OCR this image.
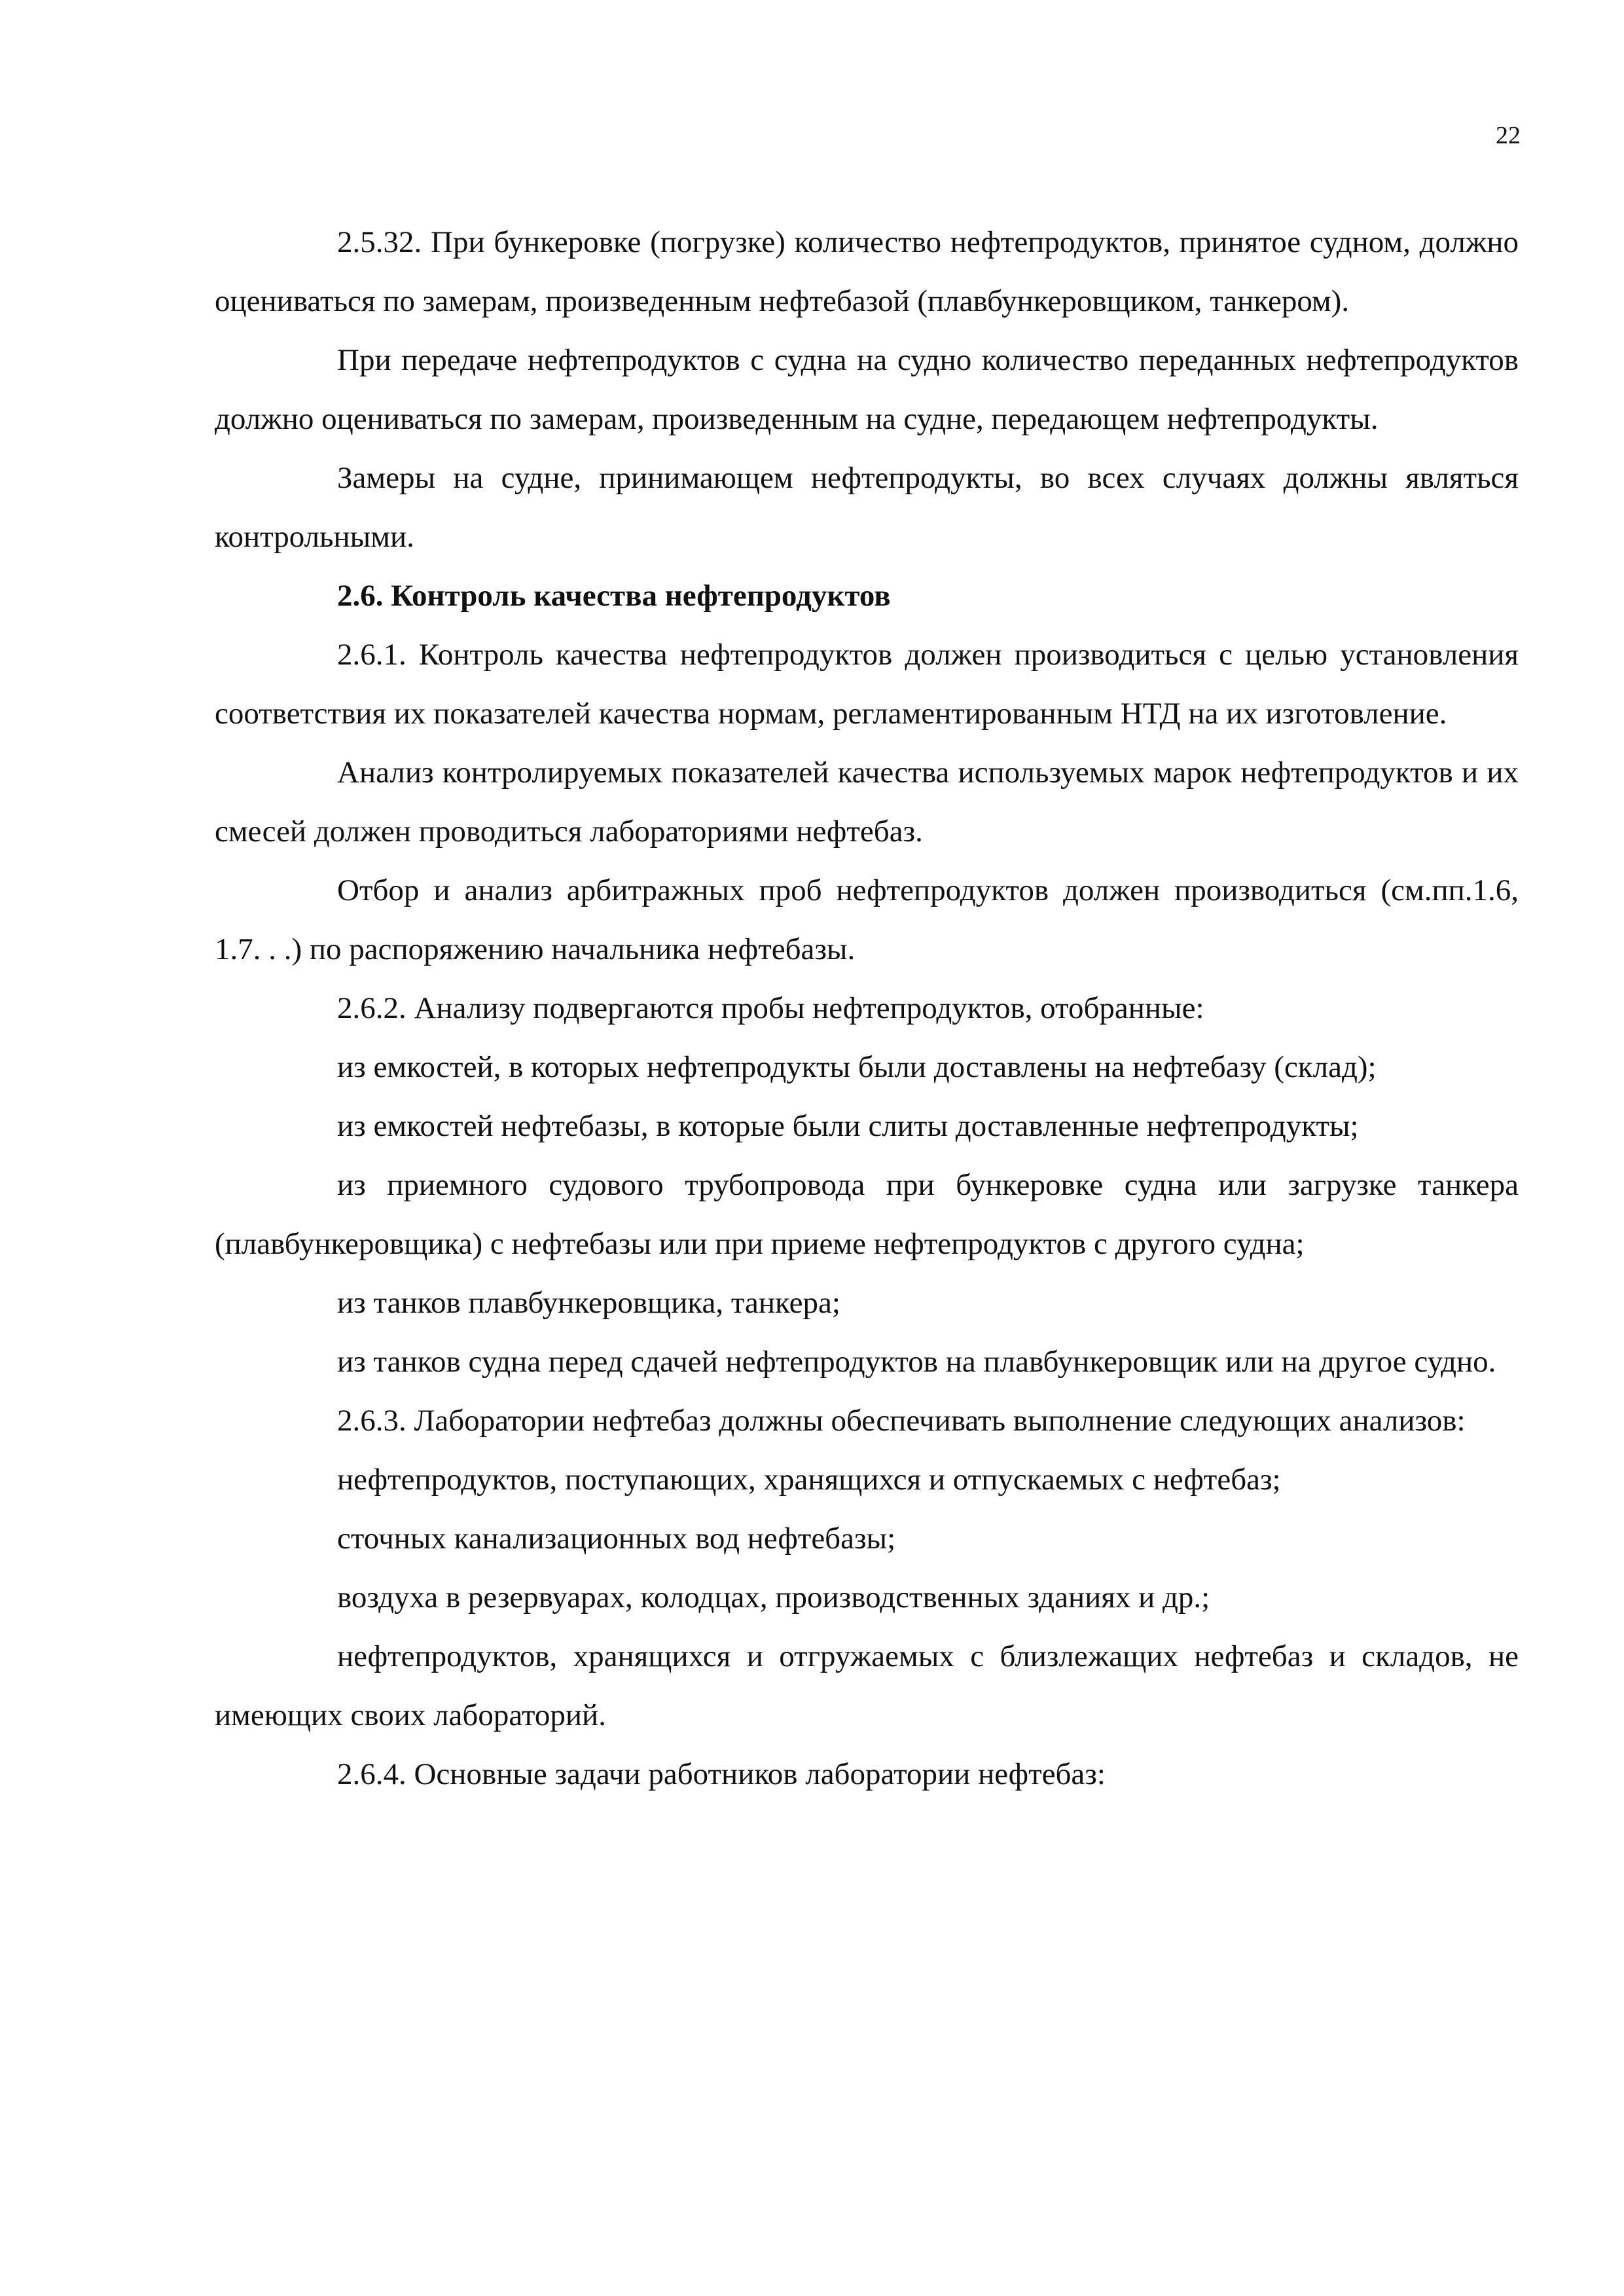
22

2.5.32. При бункеровке (погрузке) количество нефтепродуктов, принятое судном, должно оцениваться по замерам, произведенным нефтебазой (плавбункеровщиком, танкером).

При передаче нефтепродуктов с судна на судно количество переданных нефтепродуктов должно оцениваться по замерам, произведенным на судне, передающем нефтепродукты.

Замеры на судне, принимающем нефтепродукты, во всех случаях должны являться контрольными.

2.6. Контроль качества нефтепродуктов

2.6.1. Контроль качества нефтепродуктов должен производиться с целью установления соответствия их показателей качества нормам, регламентированным НТД на их изготовление.

Анализ контролируемых показателей качества используемых марок нефтепродуктов и их смесей должен проводиться лабораториями нефтебаз.

Отбор и анализ арбитражных проб нефтепродуктов должен производиться (см.пп.1.6, 1.7. . .) по распоряжению начальника нефтебазы.

2.6.2. Анализу подвергаются пробы нефтепродуктов, отобранные:

из емкостей, в которых нефтепродукты были доставлены на нефтебазу (склад);

из емкостей нефтебазы, в которые были слиты доставленные нефтепродукты;

из приемного судового трубопровода при бункеровке судна или загрузке танкера (плавбункеровщика) с нефтебазы или при приеме нефтепродуктов с другого судна;

из танков плавбункеровщика, танкера;

из танков судна перед сдачей нефтепродуктов на плавбункеровщик или на другое судно.

2.6.3. Лаборатории нефтебаз должны обеспечивать выполнение следующих анализов:

нефтепродуктов, поступающих, хранящихся и отпускаемых с нефтебаз;

сточных канализационных вод нефтебазы;

воздуха в резервуарах, колодцах, производственных зданиях и др.;

нефтепродуктов, хранящихся и отгружаемых с близлежащих нефтебаз и складов, не имеющих своих лабораторий.

2.6.4. Основные задачи работников лаборатории нефтебаз:
